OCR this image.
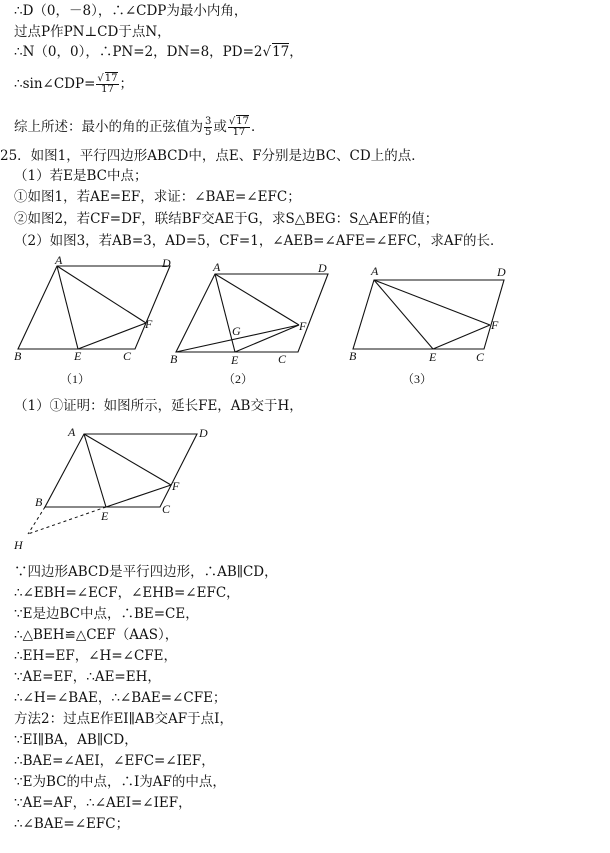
∴D（0，－8），∴∠CDP为最小内角，
过点P作PN⊥CD于点N，
∴N（0，0），∴PN=2，DN=8，PD=2√17，
∴sin∠CDP= $\frac{√17}{17}$ ；
综上所述：最小的角的正弦值为 $\frac{3}{5}$ 或 $\frac{√17}{17}$ ．
25．如图1，平行四边形ABCD中，点E、F分别是边BC、CD上的点．
（1）若E是BC中点；
①如图1，若AE=EF，求证：∠BAE=∠EFC；
②如图2，若CF=DF，联结BF交AE于G，求S△BEG：S△AEF的值；
（2）如图3，若AB=3，AD=5，CF=1，∠AEB=∠AFE=∠EFC，求AF的长．
A	D
F
B	E	C
（1）
A	D
G	F
B	E	C
（2）
A	D
F
B	E	C
（3）
（1）①证明：如图所示，延长FE，AB交于H，
A	D
F
B
E	C
H
∵四边形ABCD是平行四边形，∴AB∥CD，
∴∠EBH=∠ECF，∠EHB=∠EFC，
∵E是边BC中点，∴BE=CE，
∴△BEH≌△CEF（AAS），
∴EH=EF，∠H=∠CFE，
∵AE=EF，∴AE=EH，
∴∠H=∠BAE，∴∠BAE=∠CFE；
方法2：过点E作EI∥AB交AF于点I，
∵EI∥BA，AB∥CD，
∴BAE=∠AEI，∠EFC=∠IEF，
∵E为BC的中点，∴I为AF的中点，
∵AE=AF，∴∠AEI=∠IEF，
∴∠BAE=∠EFC；
